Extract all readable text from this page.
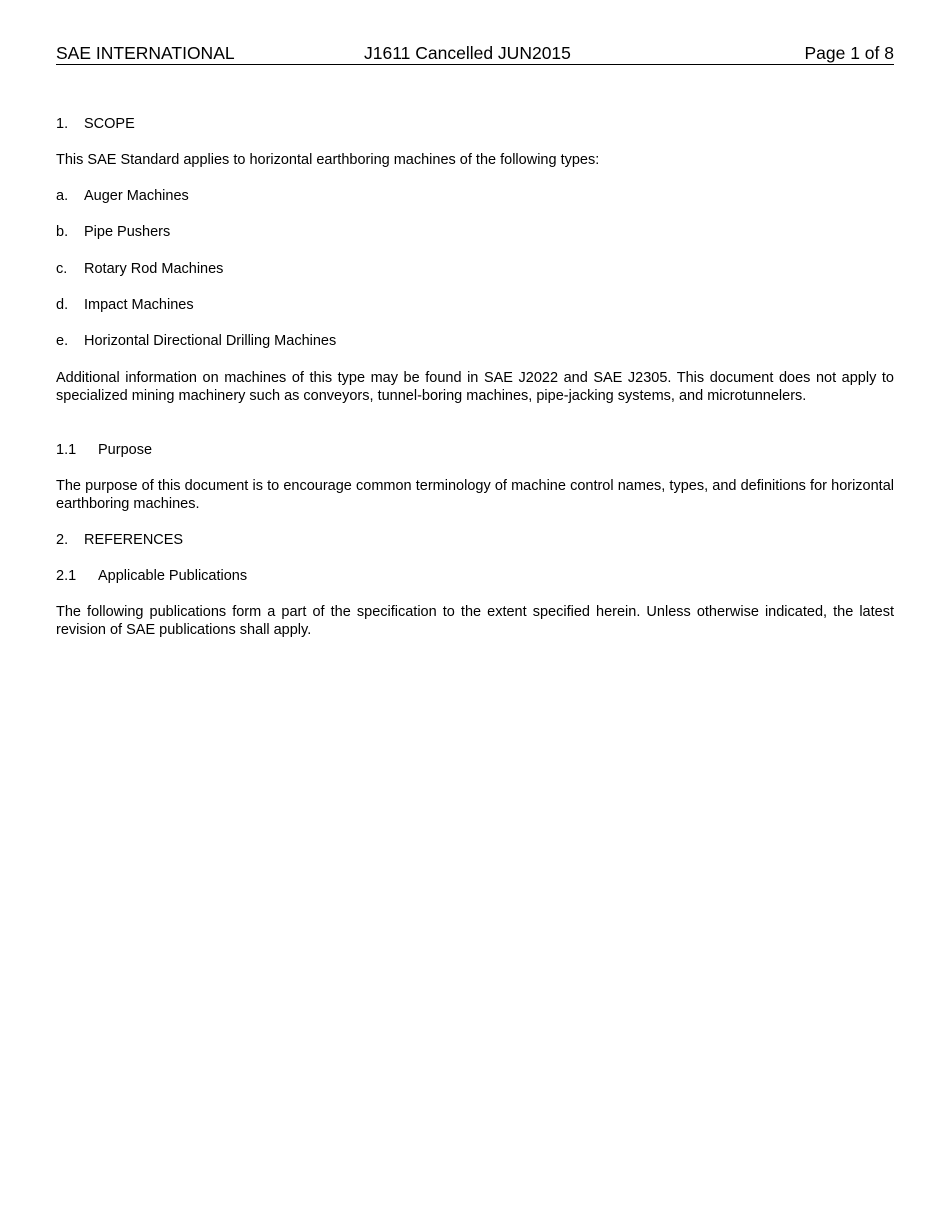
SAE INTERNATIONAL	J1611 Cancelled JUN2015	Page 1 of 8
1. SCOPE
This SAE Standard applies to horizontal earthboring machines of the following types:
a. Auger Machines
b. Pipe Pushers
c. Rotary Rod Machines
d. Impact Machines
e. Horizontal Directional Drilling Machines
Additional information on machines of this type may be found in SAE J2022 and SAE J2305. This document does not apply to specialized mining machinery such as conveyors, tunnel-boring machines, pipe-jacking systems, and microtunnelers.
1.1 Purpose
The purpose of this document is to encourage common terminology of machine control names, types, and definitions for horizontal earthboring machines.
2. REFERENCES
2.1 Applicable Publications
The following publications form a part of the specification to the extent specified herein. Unless otherwise indicated, the latest revision of SAE publications shall apply.
